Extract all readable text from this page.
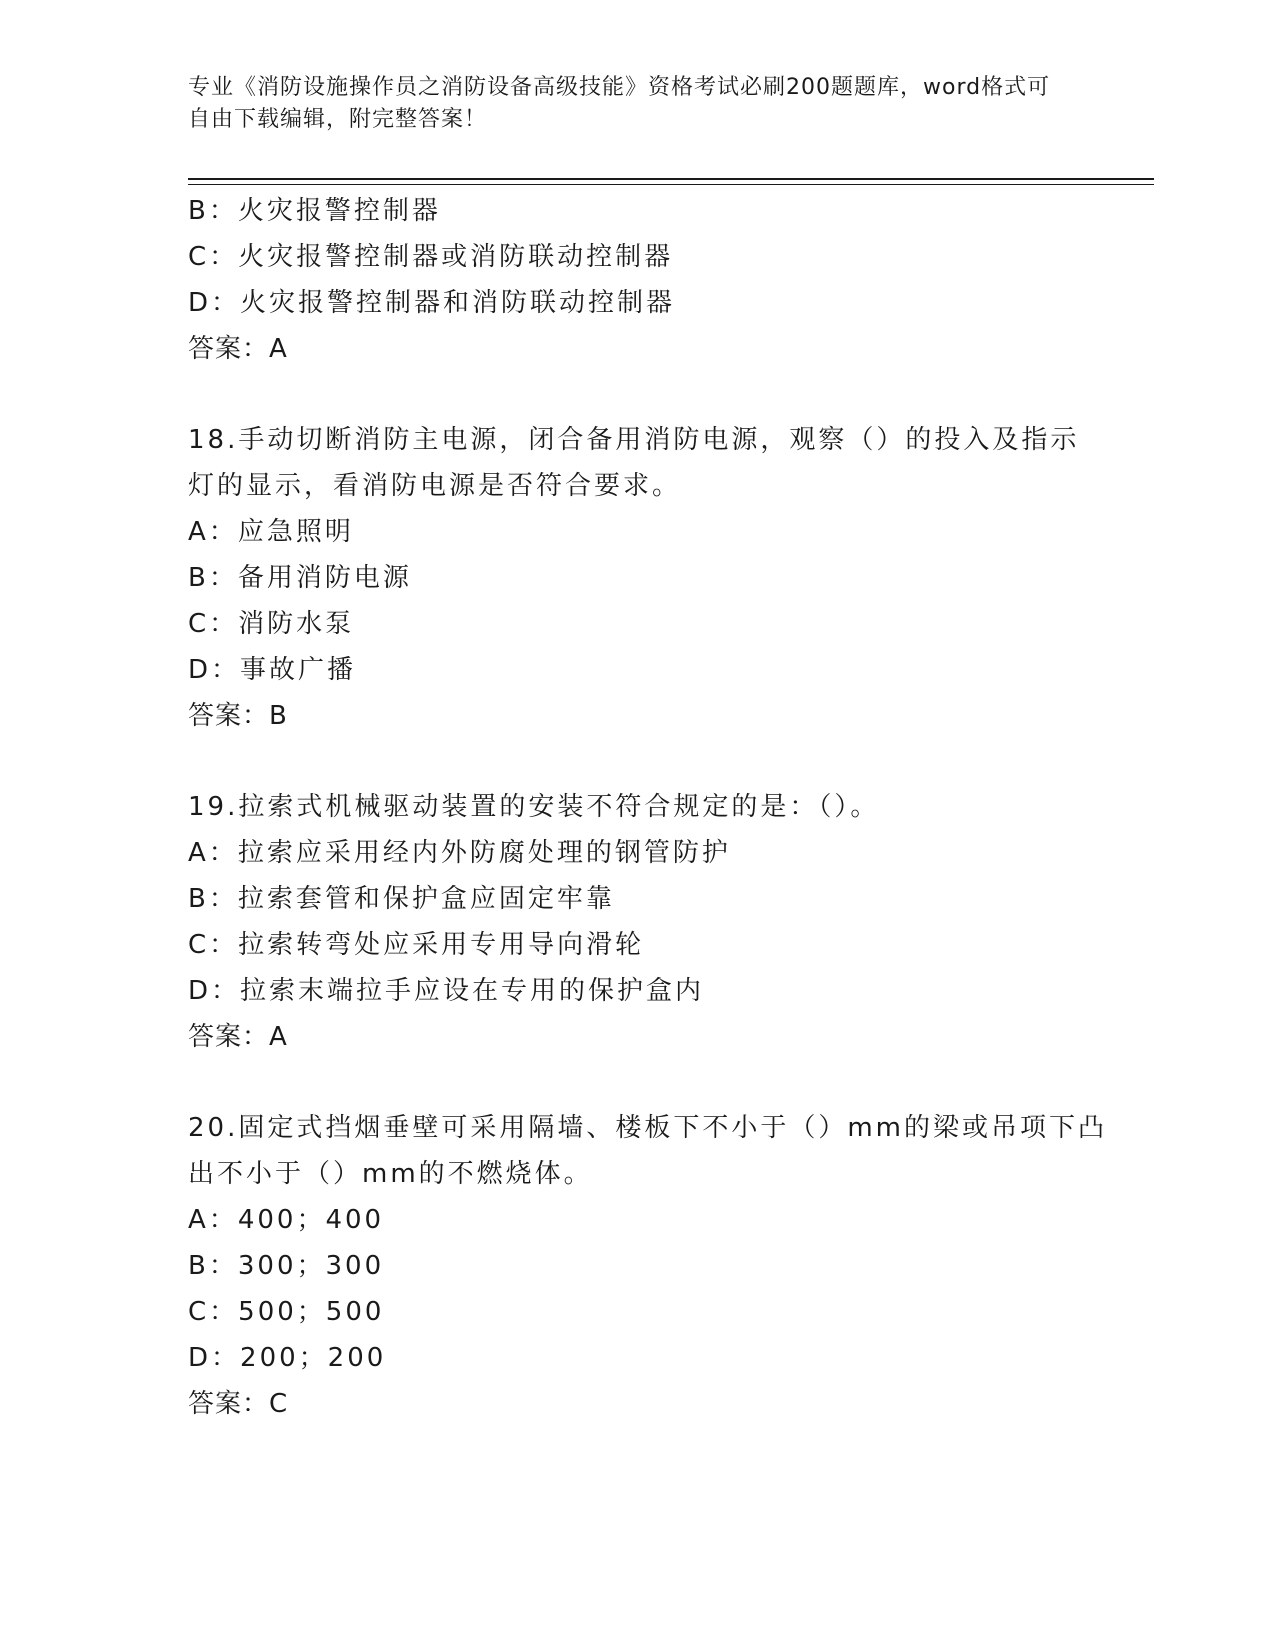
专业《消防设施操作员之消防设备高级技能》资格考试必刷200题题库，word格式可自由下载编辑，附完整答案！
B：火灾报警控制器
C：火灾报警控制器或消防联动控制器
D：火灾报警控制器和消防联动控制器
答案：A
18.手动切断消防主电源，闭合备用消防电源，观察（）的投入及指示灯的显示，看消防电源是否符合要求。
A：应急照明
B：备用消防电源
C：消防水泵
D：事故广播
答案：B
19.拉索式机械驱动装置的安装不符合规定的是：（）。
A：拉索应采用经内外防腐处理的钢管防护
B：拉索套管和保护盒应固定牢靠
C：拉索转弯处应采用专用导向滑轮
D：拉索末端拉手应设在专用的保护盒内
答案：A
20.固定式挡烟垂壁可采用隔墙、楼板下不小于（）mm的梁或吊项下凸出不小于（）mm的不燃烧体。
A：400；400
B：300；300
C：500；500
D：200；200
答案：C
